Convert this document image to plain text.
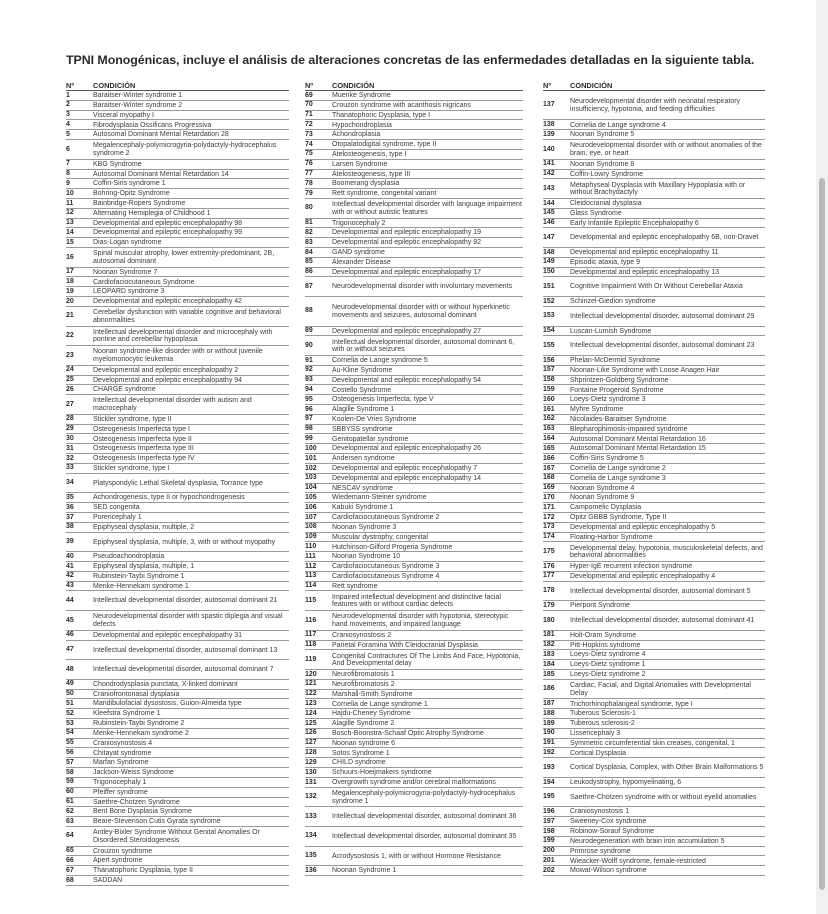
TPNI Monogénicas, incluye el análisis de alteraciones concretas de las enfermedades detalladas en la siguiente tabla.
Nº	CONDICIÓN
1	Baraitser-Winter syndrome 1
2	Baraitser-Winter syndrome 2
3	Visceral myopathy I
4	Fibrodysplasia Ossificans Progressiva
5	Autosomal Dominant Mental Retardation 28
6	Megalencephaly-polymicrogyria-polydactyly-hydrocephalus syndrome 2
7	KBG Syndrome
8	Autosomal Dominant Mental Retardation 14
9	Coffin-Siris syndrome 1
10	Bohring-Opitz Syndrome
11	Bainbridge-Ropers Syndrome
12	Alternating Hemiplegia of Childhood 1
13	Developmental and epileptic encephalopathy 98
14	Developmental and epileptic encephalopathy 99
15	Dias-Logan syndrome
16	Spinal muscular atrophy, lower extremity-predominant, 2B, autosomal dominant
17	Noonan Syndrome 7
18	Cardiofaciocutaneous Syndrome
19	LEOPARD syndrome 3
20	Developmental and epileptic encephalopathy 42
21	Cerebellar dysfunction with variable cognitive and behavioral abnormalities
22	Intellectual developmental disorder and microcephaly with pontine and cerebellar hypoplasia
23	Noonan syndrome-like disorder with or without juvenile myelomonocytic leukemia
24	Developmental and epileptic encephalopathy 2
25	Developmental and epileptic encephalopathy 94
26	CHARGE syndrome
27	Intellectual developmental disorder with autism and macrocephaly
28	Stickler syndrome, type II
29	Osteogenesis Imperfecta type I
30	Osteogenesis Imperfecta type II
31	Osteogenesis Imperfecta type III
32	Osteogenesis Imperfecta type IV
33	Stickler syndrome, type I
34	Platyspondylic Lethal Skeletal dysplasia, Torrance type
35	Achondrogenesis, type II or hypochondrogenesis
36	SED congenita
37	Porencephaly 1
38	Epiphyseal dysplasia, multiple, 2
39	Epiphyseal dysplasia, multiple, 3, with or without myopathy
40	Pseudoachondroplasia
41	Epiphyseal dysplasia, multiple, 1
42	Rubinstein-Taybi Syndrome 1
43	Menke-Hennekam syndrome 1
44	Intellectual developmental disorder, autosomal dominant 21
45	Neurodevelopmental disorder with spastic diplegia and visual defects
46	Developmental and epileptic encephalopathy 31
47	Intellectual developmental disorder, autosomal dominant 13
48	Intellectual developmental disorder, autosomal dominant 7
49	Chondrodysplasia punctata, X-linked dominant
50	Craniofrontonasal dysplasia
51	Mandibulofacial dysostosis, Guion-Almeida type
52	Kleefstra Syndrome 1
53	Rubinstein-Taybi Syndrome 2
54	Menke-Hennekam syndrome 2
55	Craniosynostosis 4
56	Chitayat syndrome
57	Marfan Syndrome
58	Jackson-Weiss Syndrome
59	Trigonocephaly 1
60	Pfeiffer syndrome
61	Saethre-Chotzen Syndrome
62	Bent Bone Dysplasia Syndrome
63	Beare-Stevenson Cutis Gyrata syndrome
64	Antley-Bixler Syndrome Without Genital Anomalies Or Disordered Steroidogenesis
65	Crouzon syndrome
66	Apert syndrome
67	Thanatophoric Dysplasia, type II
68	SADDAN
Nº	CONDICIÓN
69	Muenke Syndrome
70	Crouzon syndrome with acanthosis nigricans
71	Thanatophoric Dysplasia, type I
72	Hypochondroplasia
73	Achondroplasia
74	Otopalatodigital syndrome, type II
75	Atelosteogenesis, type I
76	Larsen Syndrome
77	Atelosteogenesis, type III
78	Boomerang dysplasia
79	Rett syndrome, congenital variant
80	Intellectual developmental disorder with language impairment with or without autistic features
81	Trigonocephaly 2
82	Developmental and epileptic encephalopathy 19
83	Developmental and epileptic encephalopathy 92
84	GAND syndrome
85	Alexander Disease
86	Developmental and epileptic encephalopathy 17
87	Neurodevelopmental disorder with involuntary movements
88	Neurodevelopmental disorder with or without hyperkinetic movements and seizures, autosomal dominant
89	Developmental and epileptic encephalopathy 27
90	Intellectual developmental disorder, autosomal dominant 6, with or without seizures
91	Cornelia de Lange syndrome 5
92	Au-Kline Syndrome
93	Developmental and epileptic encephalopathy 54
94	Costello Syndrome
95	Osteogenesis Imperfecta, type V
96	Alagille Syndrome 1
97	Koolen-De Vries Syndrome
98	SBBYSS syndrome
99	Genitopatellar syndrome
100	Developmental and epileptic encephalopathy 26
101	Andersen syndrome
102	Developmental and epileptic encephalopathy 7
103	Developmental and epileptic encephalopathy 14
104	NESCAV syndrome
105	Wiedemann-Steiner syndrome
106	Kabuki Syndrome 1
107	Cardiofaciocutaneous Syndrome 2
108	Noonan Syndrome 3
109	Muscular dystrophy, congenital
110	Hutchinson-Gilford Progeria Syndrome
111	Noonan Syndrome 10
112	Cardiofaciocutaneous Syndrome 3
113	Cardiofaciocutaneous Syndrome 4
114	Rett syndrome
115	Impaired intellectual development and distinctive facial features with or without cardiac defects
116	Neurodevelopmental disorder with hypotonia, stereotypic hand movements, and impaired language
117	Craniosynostosis 2
118	Parietal Foramina With Cleidocranial Dysplasia
119	Congenital Contractures Of The Limbs And Face, Hypotonia, And Developmental delay
120	Neurofibromatosis 1
121	Neurofibromatosis 2
122	Marshall-Smith Syndrome
123	Cornelia de Lange syndrome 1
124	Hajdu-Cheney Syndrome
125	Alagille Syndrome 2
126	Bosch-Boonstra-Schaaf Optic Atrophy Syndrome
127	Noonan syndrome 6
128	Sotos Syndrome 1
129	CHILD syndrome
130	Schuurs-Hoeijmakers syndrome
131	Overgrowth syndrome and/or cerebral malformations
132	Megalencephaly-polymicrogyria-polydactyly-hydrocephalus syndrome 1
133	Intellectual developmental disorder, autosomal dominant 36
134	Intellectual developmental disorder, autosomal dominant 35
135	Acrodysostosis 1, with or without Hormone Resistance
136	Noonan Syndrome 1
Nº	CONDICIÓN
137	Neurodevelopmental disorder with neonatal respiratory insufficiency, hypotonia, and feeding difficulties
138	Cornelia de Lange syndrome 4
139	Noonan Syndrome 5
140	Neurodevelopmental disorder with or without anomalies of the brain, eye, or heart
141	Noonan Syndrome 8
142	Coffin-Lowry Syndrome
143	Metaphyseal Dysplasia with Maxillary Hypoplasia with or without Brachydactyly
144	Cleidocranial dysplasia
145	Glass Syndrome
146	Early Infantile Epileptic Encephalopathy 6
147	Developmental and epileptic encephalopathy 6B, non-Dravet
148	Developmental and epileptic encephalopathy 11
149	Episodic ataxia, type 9
150	Developmental and epileptic encephalopathy 13
151	Cognitive Impairment With Or Without Cerebellar Ataxia
152	Schinzel-Giedion syndrome
153	Intellectual developmental disorder, autosomal dominant 29
154	Luscan-Lumish Syndrome
155	Intellectual developmental disorder, autosomal dominant 23
156	Phelan-McDermid Syndrome
157	Noonan-Like Syndrome with Loose Anagen Hair
158	Shprintzen-Goldberg Syndrome
159	Fontaine Progeroid Syndrome
160	Loeys-Dietz syndrome 3
161	Myhre Syndrome
162	Nicolaides-Baraitser Syndrome
163	Blepharophimosis-impaired syndrome
164	Autosomal Dominant Mental Retardation 16
165	Autosomal Dominant Mental Retardation 15
166	Coffin-Siris Syndrome 5
167	Cornelia de Lange syndrome 2
168	Cornelia de Lange syndrome 3
169	Noonan Syndrome 4
170	Noonan Syndrome 9
171	Campomelic Dysplasia
172	Opitz GBBB Syndrome, Type II
173	Developmental and epileptic encephalopathy 5
174	Floating-Harbor Syndrome
175	Developmental delay, hypotonia, musculoskeletal defects, and behavioral abnormalities
176	Hyper-IgE recurrent infection syndrome
177	Developmental and epileptic encephalopathy 4
178	Intellectual developmental disorder, autosomal dominant 5
179	Pierpont Syndrome
180	Intellectual developmental disorder, autosomal dominant 41
181	Holt-Oram Syndrome
182	Pitt-Hopkins syndrome
183	Loeys-Dietz syndrome 4
184	Loeys-Dietz syndrome 1
185	Loeys-Dietz syndrome 2
186	Cardiac, Facial, and Digital Anomalies with Developmental Delay
187	Trichorhinophalangeal syndrome, type I
188	Tuberous Sclerosis-1
189	Tuberous sclerosis-2
190	Lissencephaly 3
191	Symmetric circumferential skin creases, congenital, 1
192	Cortical Dysplasia
193	Cortical Dysplasia, Complex, with Other Brain Malformations 5
194	Leukodystrophy, hypomyelinating, 6
195	Saethre-Chotzen syndrome with or without eyelid anomalies
196	Craniosynostosis 1
197	Sweeney-Cox syndrome
198	Robinow-Sorauf Syndrome
199	Neurodegeneration with brain iron accumulation 5
200	Primrose syndrome
201	Wieacker-Wolff syndrome, female-restricted
202	Mowat-Wilson syndrome
